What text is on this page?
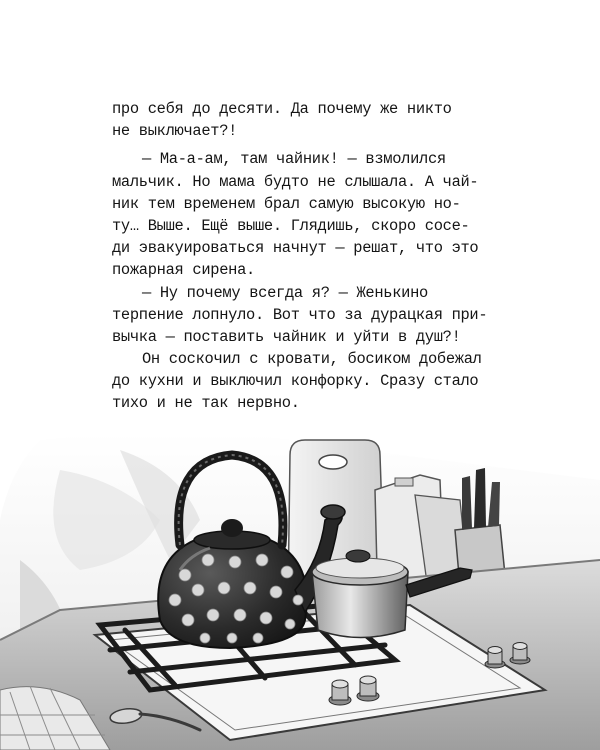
про себя до десяти. Да почему же никто
не выключает?!
— Ма-а-ам, там чайник! — взмолился
мальчик. Но мама будто не слышала. А чай-
ник тем временем брал самую высокую но-
ту… Выше. Ещё выше. Глядишь, скоро сосе-
ди эвакуироваться начнут — решат, что это
пожарная сирена.
— Ну почему всегда я? — Женькино
терпение лопнуло. Вот что за дурацкая при-
вычка — поставить чайник и уйти в душ?!
Он соскочил с кровати, босиком добежал
до кухни и выключил конфорку. Сразу стало
тихо и не так нервно.
